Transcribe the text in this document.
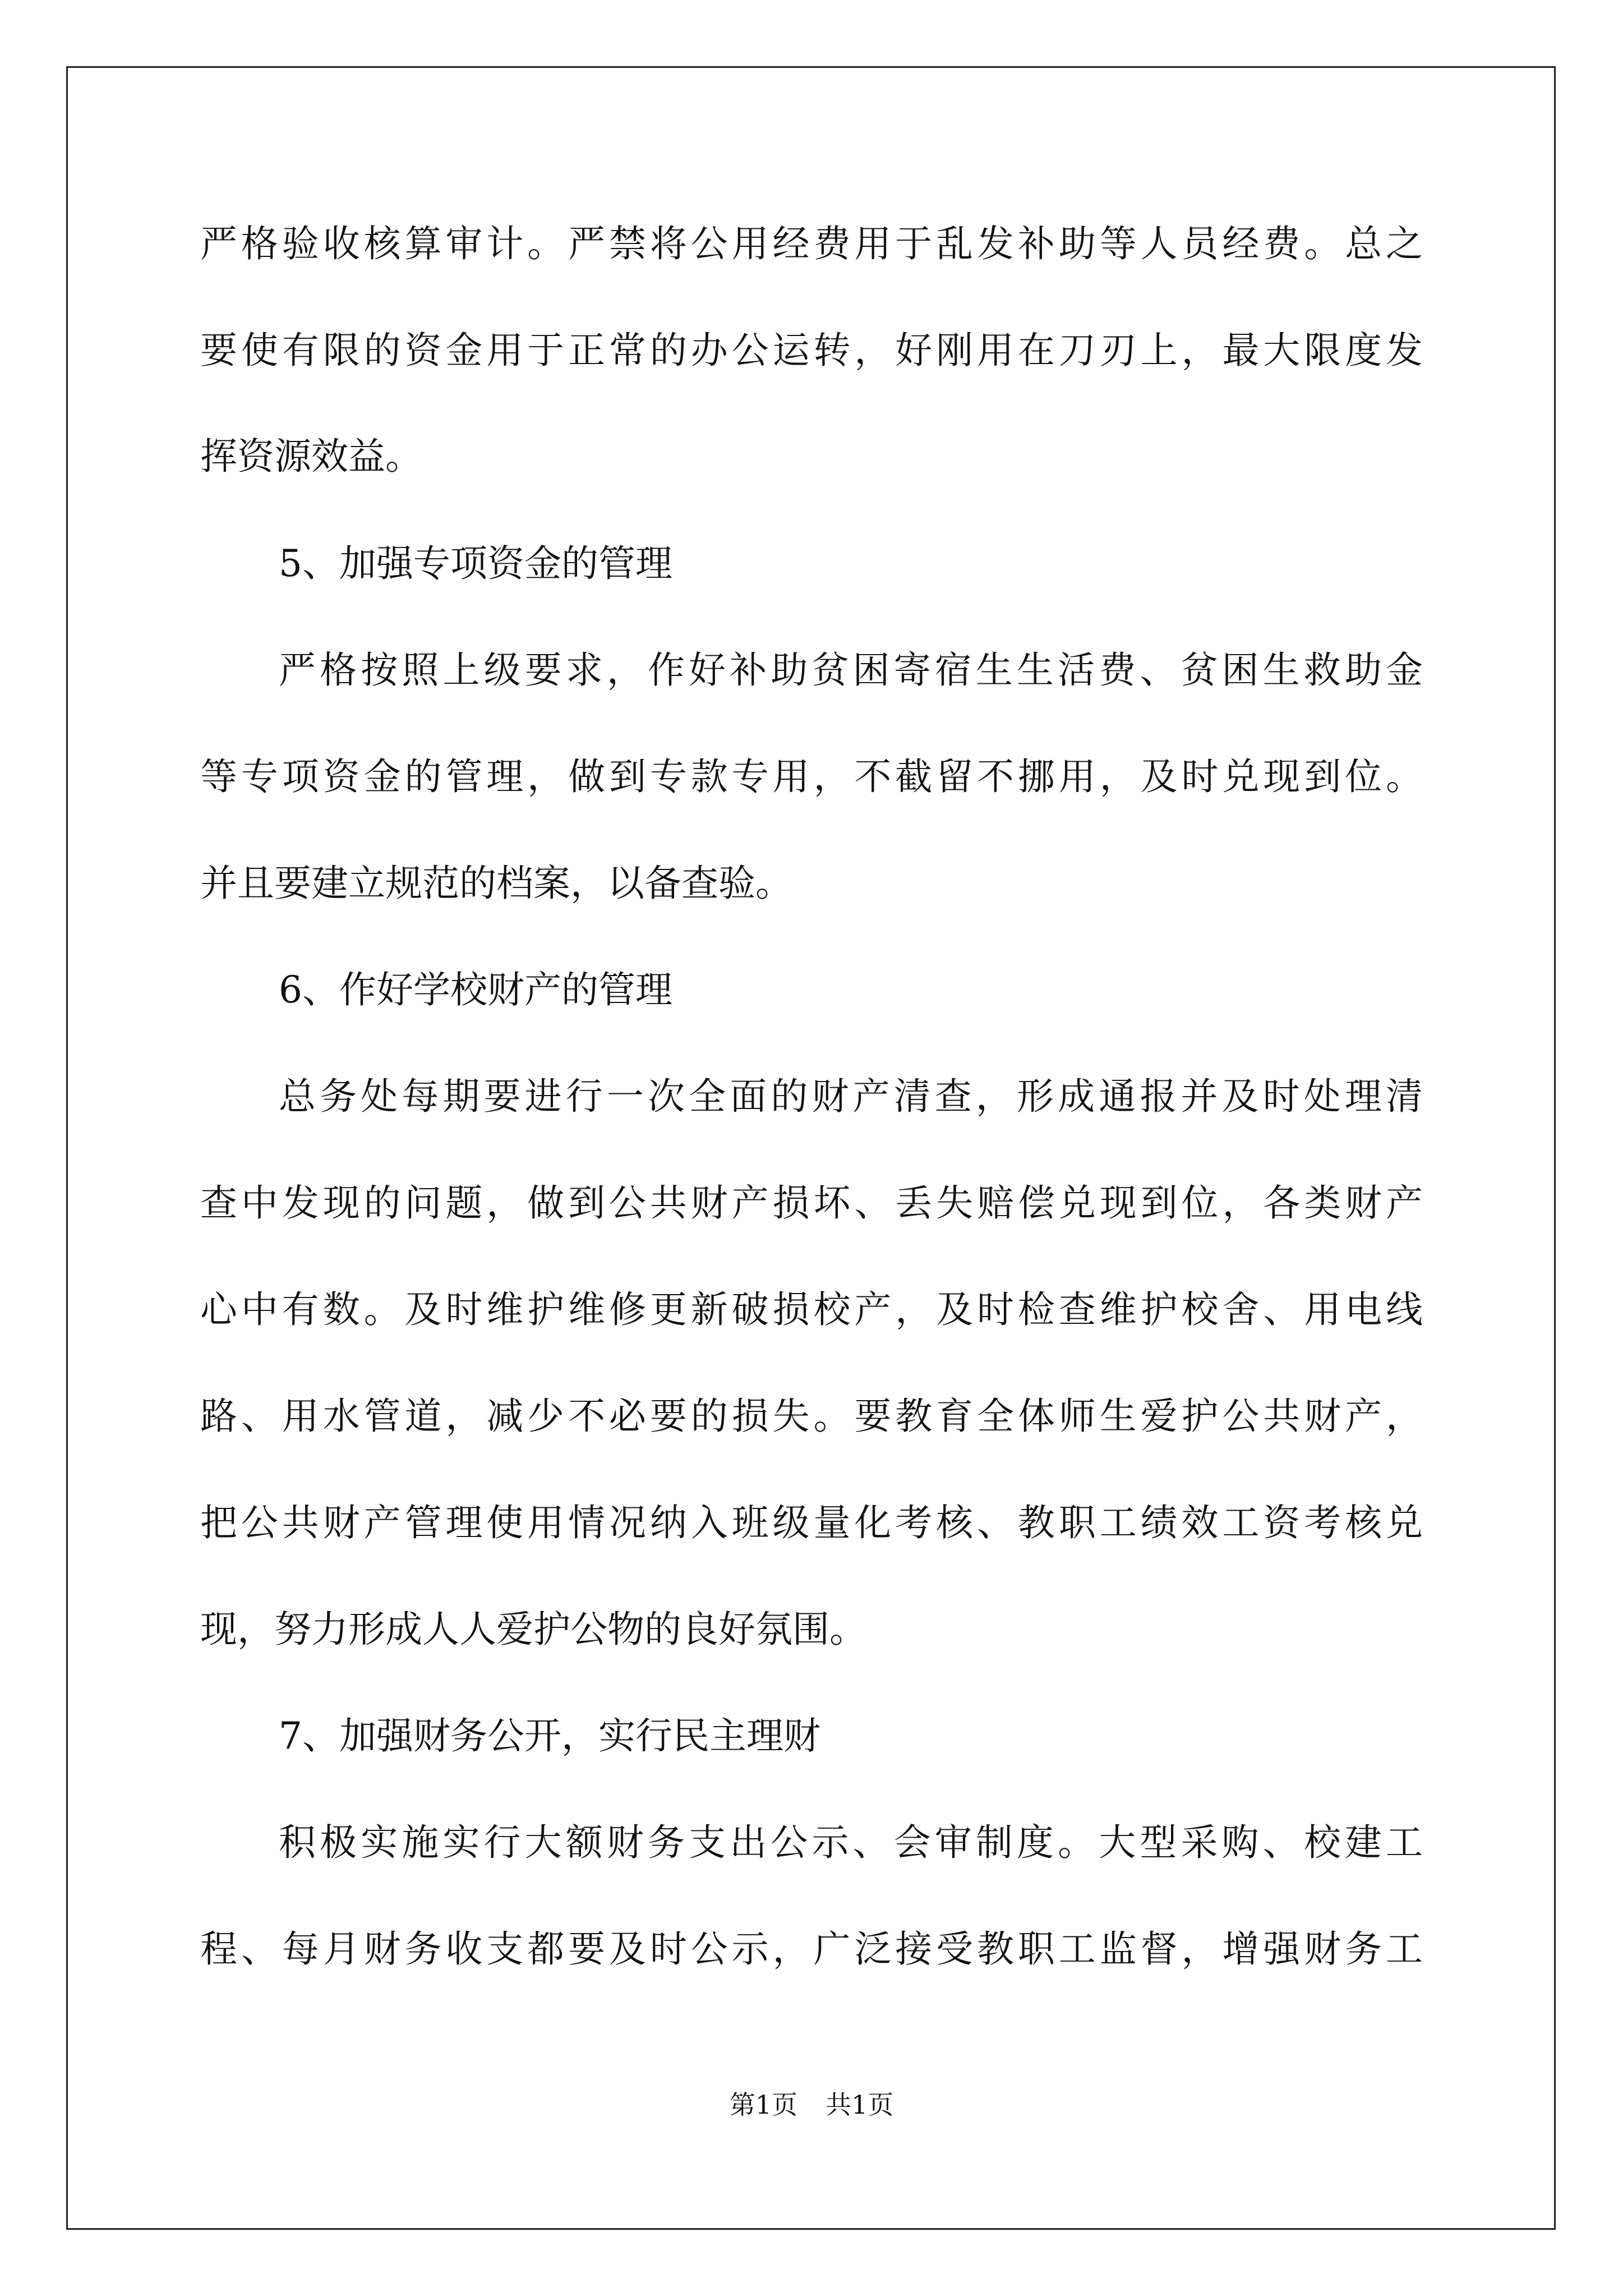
严格验收核算审计。严禁将公用经费用于乱发补助等人员经费。总之
要使有限的资金用于正常的办公运转，好刚用在刀刃上，最大限度发
挥资源效益。
5、加强专项资金的管理
严格按照上级要求，作好补助贫困寄宿生生活费、贫困生救助金
等专项资金的管理，做到专款专用，不截留不挪用，及时兑现到位。
并且要建立规范的档案，以备查验。
6、作好学校财产的管理
总务处每期要进行一次全面的财产清查，形成通报并及时处理清
查中发现的问题，做到公共财产损坏、丢失赔偿兑现到位，各类财产
心中有数。及时维护维修更新破损校产，及时检查维护校舍、用电线
路、用水管道，减少不必要的损失。要教育全体师生爱护公共财产，
把公共财产管理使用情况纳入班级量化考核、教职工绩效工资考核兑
现，努力形成人人爱护公物的良好氛围。
7、加强财务公开，实行民主理财
积极实施实行大额财务支出公示、会审制度。大型采购、校建工
程、每月财务收支都要及时公示，广泛接受教职工监督，增强财务工
第1页 共1页
